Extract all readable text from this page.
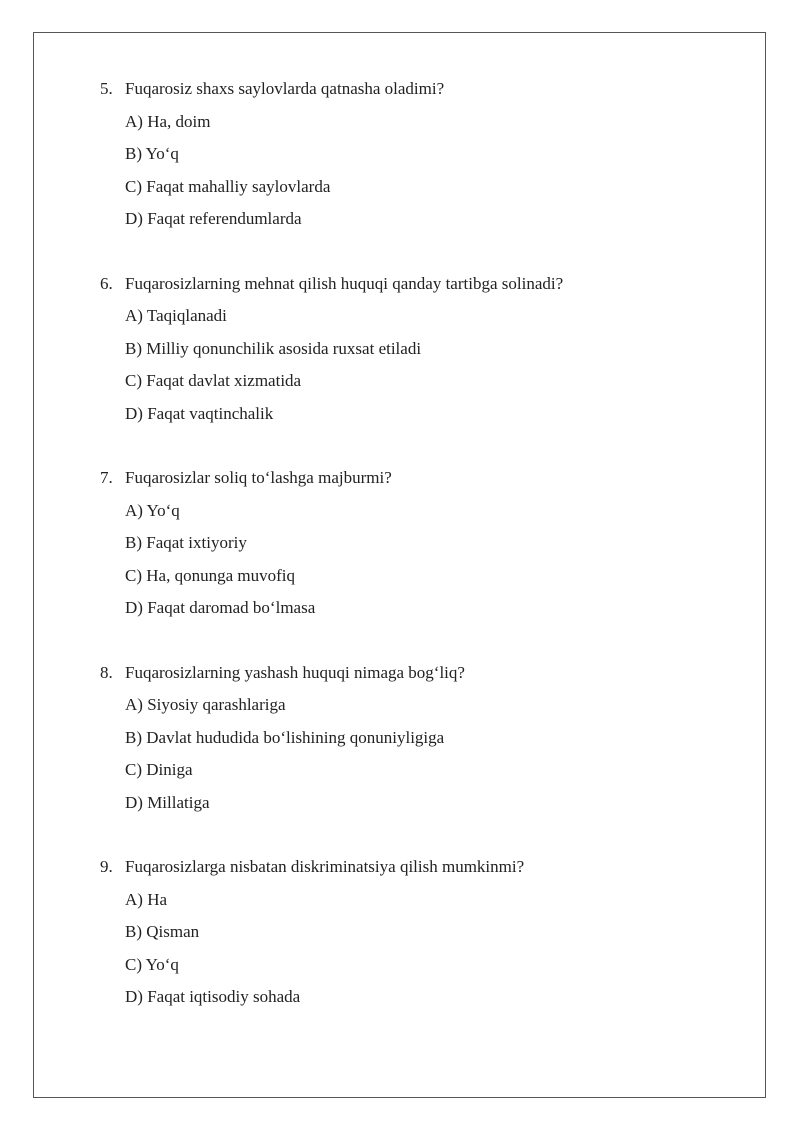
5. Fuqarosiz shaxs saylovlarda qatnasha oladimi?
A) Ha, doim
B) Yo‘q
C) Faqat mahalliy saylovlarda
D) Faqat referendumlarda
6. Fuqarosizlarning mehnat qilish huquqi qanday tartibga solinadi?
A) Taqiqlanadi
B) Milliy qonunchilik asosida ruxsat etiladi
C) Faqat davlat xizmatida
D) Faqat vaqtinchalik
7. Fuqarosizlar soliq to‘lashga majburmi?
A) Yo‘q
B) Faqat ixtiyoriy
C) Ha, qonunga muvofiq
D) Faqat daromad bo‘lmasa
8. Fuqarosizlarning yashash huquqi nimaga bog‘liq?
A) Siyosiy qarashlariga
B) Davlat hududida bo‘lishining qonuniyligiga
C) Diniga
D) Millatiga
9. Fuqarosizlarga nisbatan diskriminatsiya qilish mumkinmi?
A) Ha
B) Qisman
C) Yo‘q
D) Faqat iqtisodiy sohada
